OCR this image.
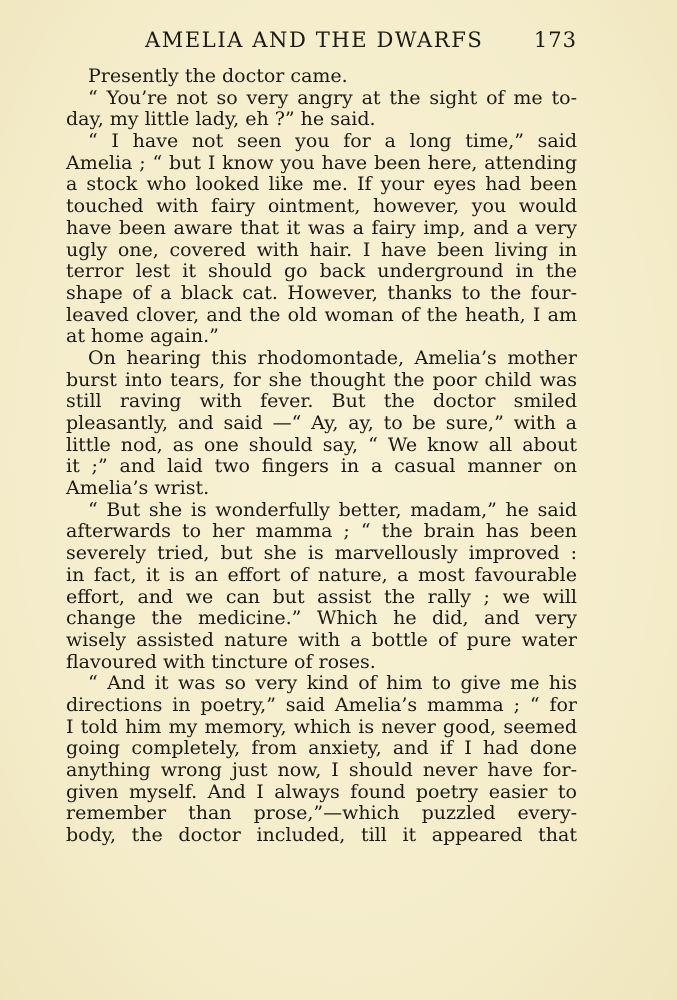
AMELIA AND THE DWARFS 173
Presently the doctor came.
“ You’re not so very angry at the sight of me to-
day, my little lady, eh ?” he said.
“ I have not seen you for a long time,” said
Amelia ; “ but I know you have been here, attending
a stock who looked like me. If your eyes had been
touched with fairy ointment, however, you would
have been aware that it was a fairy imp, and a very
ugly one, covered with hair. I have been living in
terror lest it should go back underground in the
shape of a black cat. However, thanks to the four-
leaved clover, and the old woman of the heath, I am
at home again.”
On hearing this rhodomontade, Amelia’s mother
burst into tears, for she thought the poor child was
still raving with fever. But the doctor smiled
pleasantly, and said —“ Ay, ay, to be sure,” with a
little nod, as one should say, “ We know all about
it ;” and laid two fingers in a casual manner on
Amelia’s wrist.
“ But she is wonderfully better, madam,” he said
afterwards to her mamma ; “ the brain has been
severely tried, but she is marvellously improved :
in fact, it is an effort of nature, a most favourable
effort, and we can but assist the rally ; we will
change the medicine.” Which he did, and very
wisely assisted nature with a bottle of pure water
flavoured with tincture of roses.
“ And it was so very kind of him to give me his
directions in poetry,” said Amelia’s mamma ; “ for
I told him my memory, which is never good, seemed
going completely, from anxiety, and if I had done
anything wrong just now, I should never have for-
given myself. And I always found poetry easier to
remember than prose,”—which puzzled every-
body, the doctor included, till it appeared that
